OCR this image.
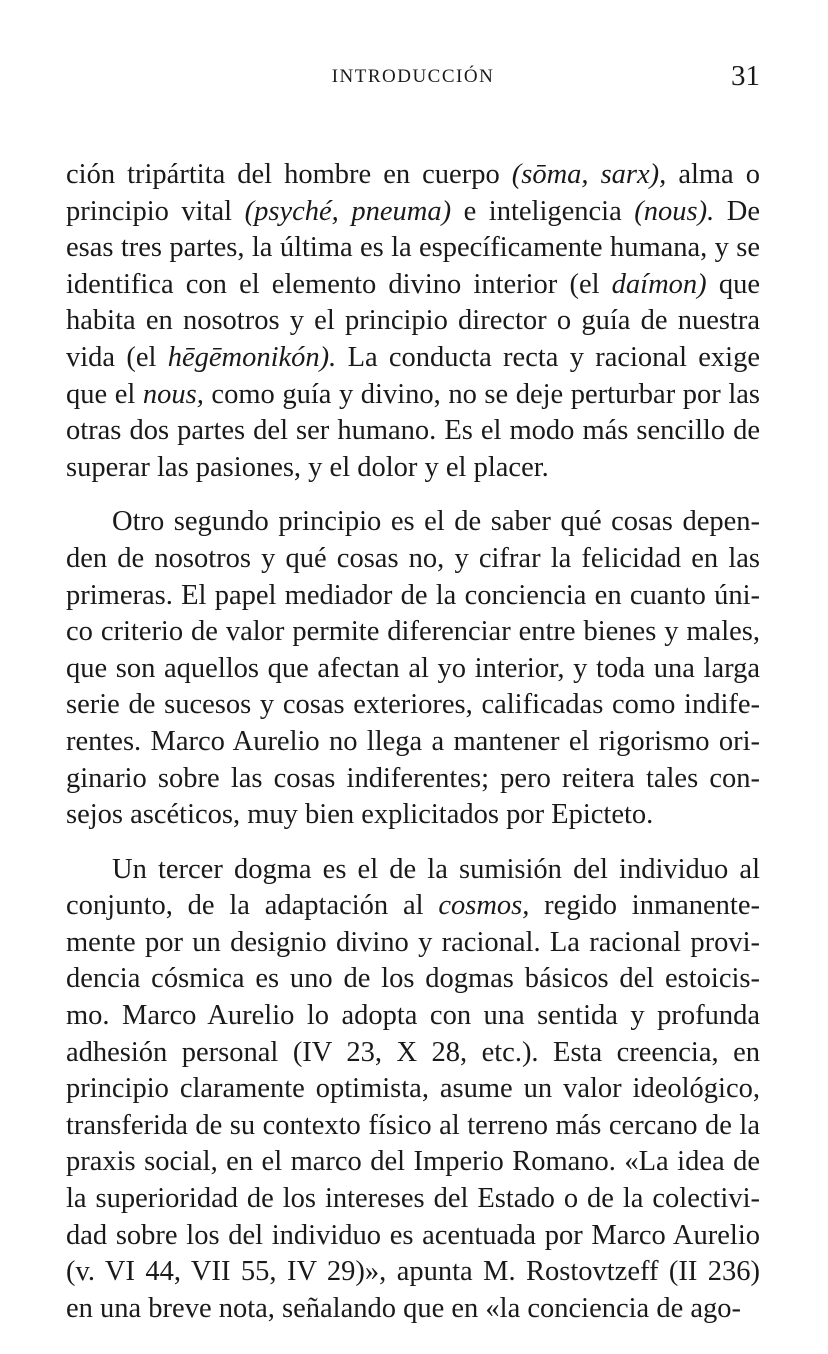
INTRODUCCIÓN	31
ción tripártita del hombre en cuerpo (sōma, sarx), alma o
principio vital (psyché, pneuma) e inteligencia (nous). De
esas tres partes, la última es la específicamente humana, y se
identifica con el elemento divino interior (el daímon) que
habita en nosotros y el principio director o guía de nuestra
vida (el hēgēmonikón). La conducta recta y racional exige
que el nous, como guía y divino, no se deje perturbar por las
otras dos partes del ser humano. Es el modo más sencillo de
superar las pasiones, y el dolor y el placer.
Otro segundo principio es el de saber qué cosas depen-
den de nosotros y qué cosas no, y cifrar la felicidad en las
primeras. El papel mediador de la conciencia en cuanto úni-
co criterio de valor permite diferenciar entre bienes y males,
que son aquellos que afectan al yo interior, y toda una larga
serie de sucesos y cosas exteriores, calificadas como indife-
rentes. Marco Aurelio no llega a mantener el rigorismo ori-
ginario sobre las cosas indiferentes; pero reitera tales con-
sejos ascéticos, muy bien explicitados por Epicteto.
Un tercer dogma es el de la sumisión del individuo al
conjunto, de la adaptación al cosmos, regido inmanente-
mente por un designio divino y racional. La racional provi-
dencia cósmica es uno de los dogmas básicos del estoicis-
mo. Marco Aurelio lo adopta con una sentida y profunda
adhesión personal (IV 23, X 28, etc.). Esta creencia, en
principio claramente optimista, asume un valor ideológico,
transferida de su contexto físico al terreno más cercano de la
praxis social, en el marco del Imperio Romano. «La idea de
la superioridad de los intereses del Estado o de la colectivi-
dad sobre los del individuo es acentuada por Marco Aurelio
(v. VI 44, VII 55, IV 29)», apunta M. Rostovtzeff (II 236)
en una breve nota, señalando que en «la conciencia de ago-
